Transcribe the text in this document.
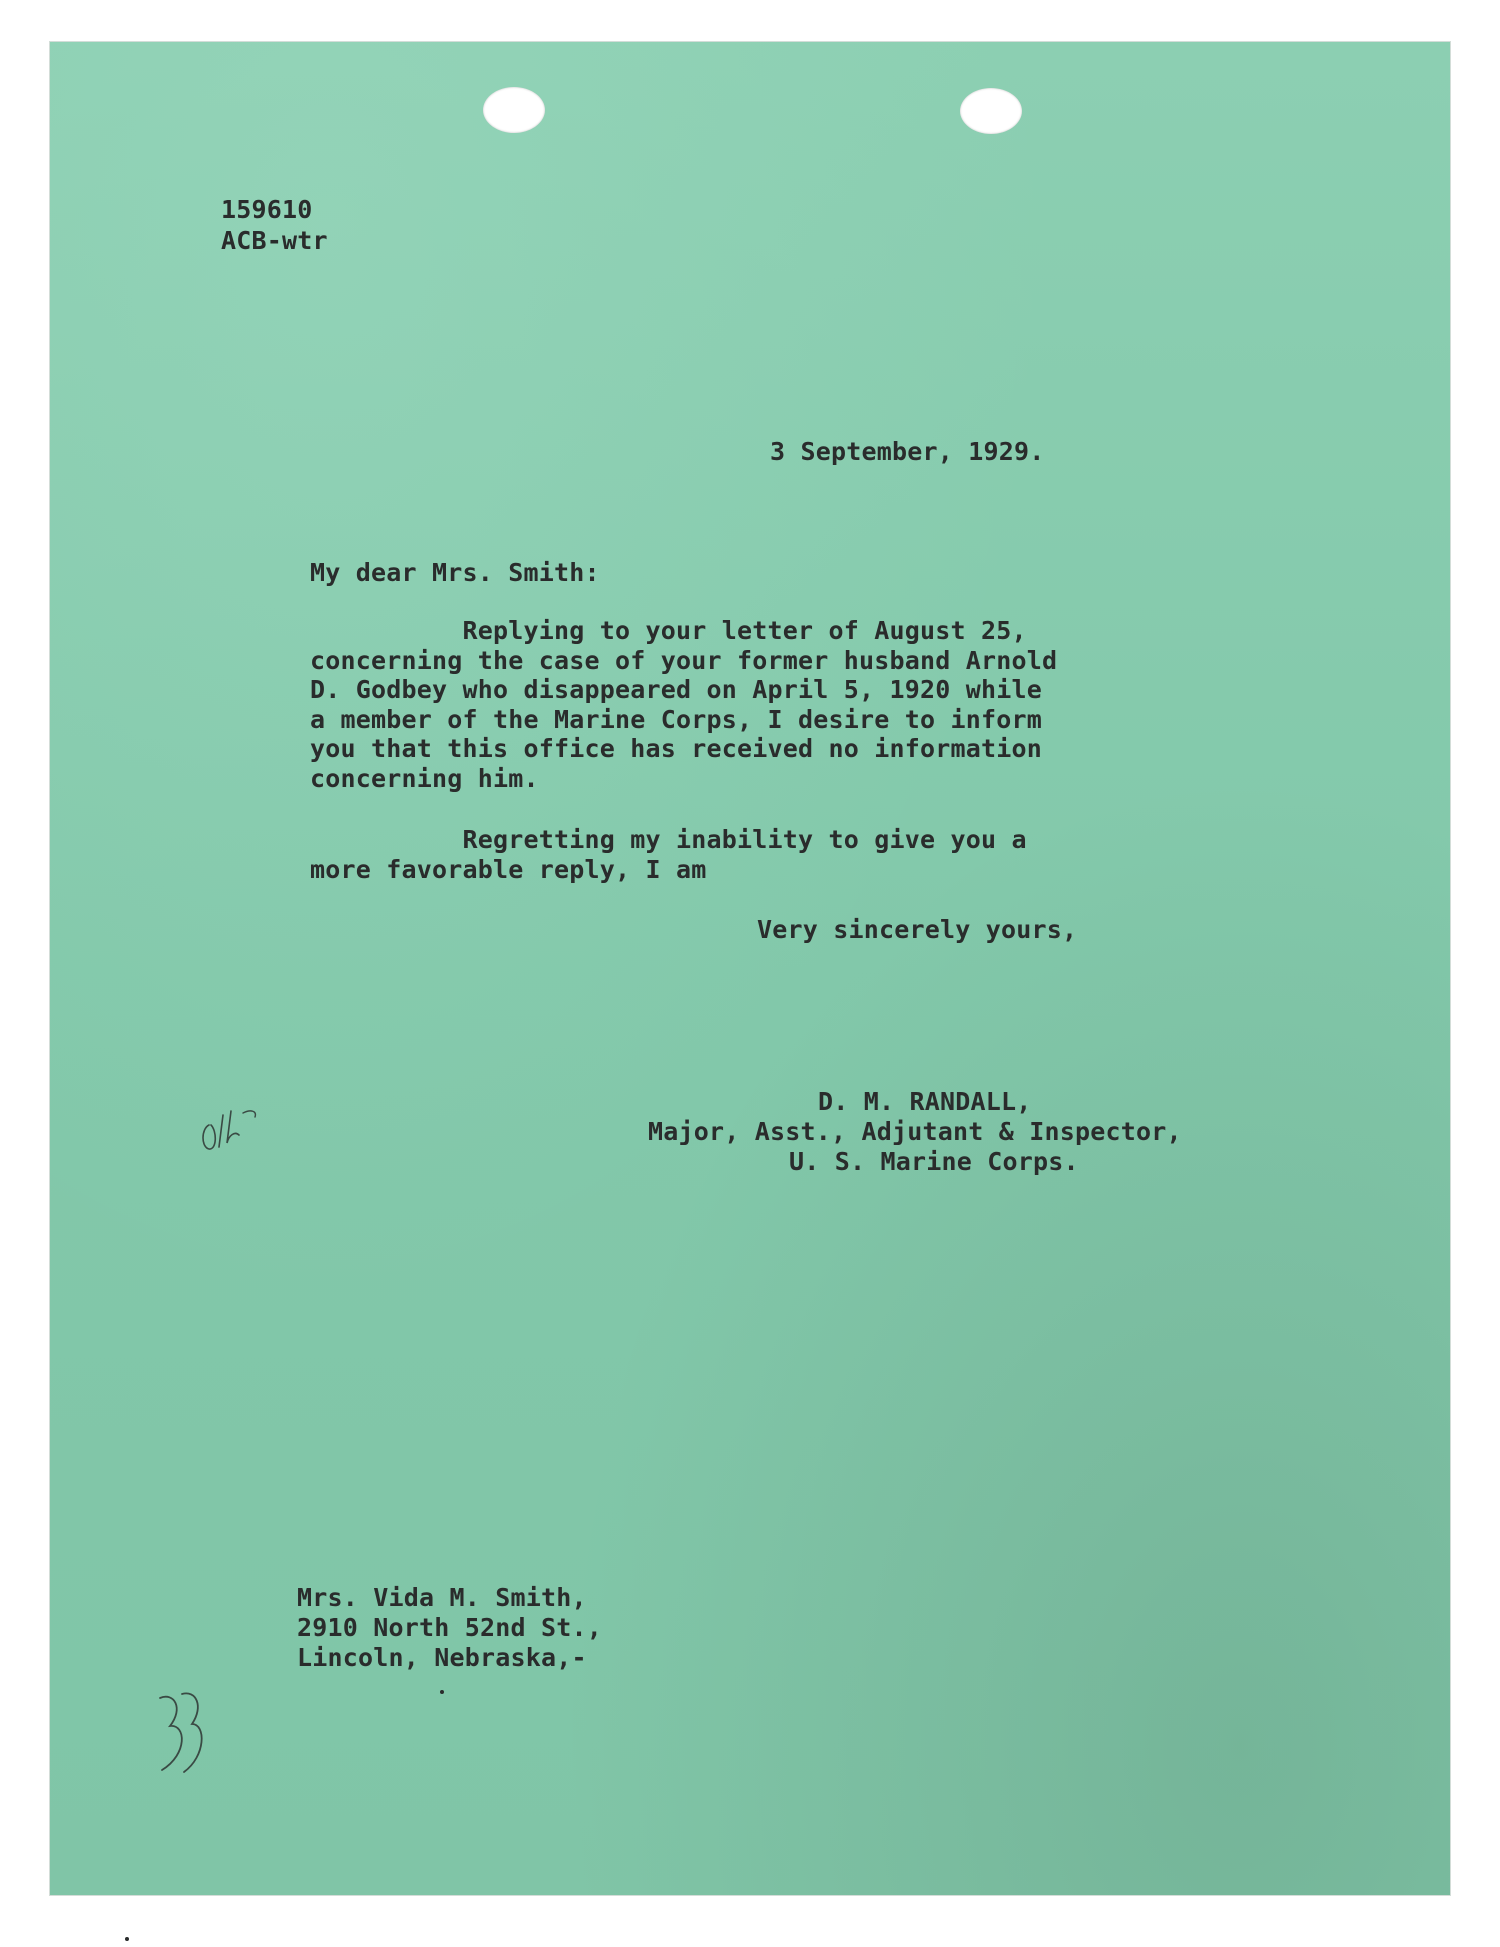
159610
ACB-wtr
3 September, 1929.
My dear Mrs. Smith:
Replying to your letter of August 25,
concerning the case of your former husband Arnold
D. Godbey who disappeared on April 5, 1920 while
a member of the Marine Corps, I desire to inform
you that this office has received no information
concerning him.
Regretting my inability to give you a
more favorable reply, I am
Very sincerely yours,
D. M. RANDALL,
Major, Asst., Adjutant & Inspector,
U. S. Marine Corps.
Mrs. Vida M. Smith,
2910 North 52nd St.,
Lincoln, Nebraska,-
